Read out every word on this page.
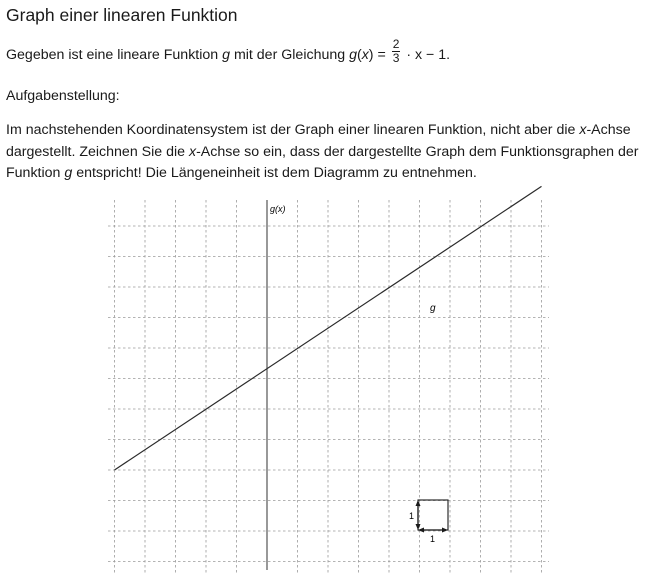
Graph einer linearen Funktion
Gegeben ist eine lineare Funktion g mit der Gleichung $g(x) = \frac{2}{3} \cdot x - 1$.
Aufgabenstellung:
Im nachstehenden Koordinatensystem ist der Graph einer linearen Funktion, nicht aber die x-Achse dargestellt. Zeichnen Sie die x-Achse so ein, dass der dargestellte Graph dem Funktionsgraphen der Funktion g entspricht! Die Längeneinheit ist dem Diagramm zu entnehmen.
g(x)
g
1
1
